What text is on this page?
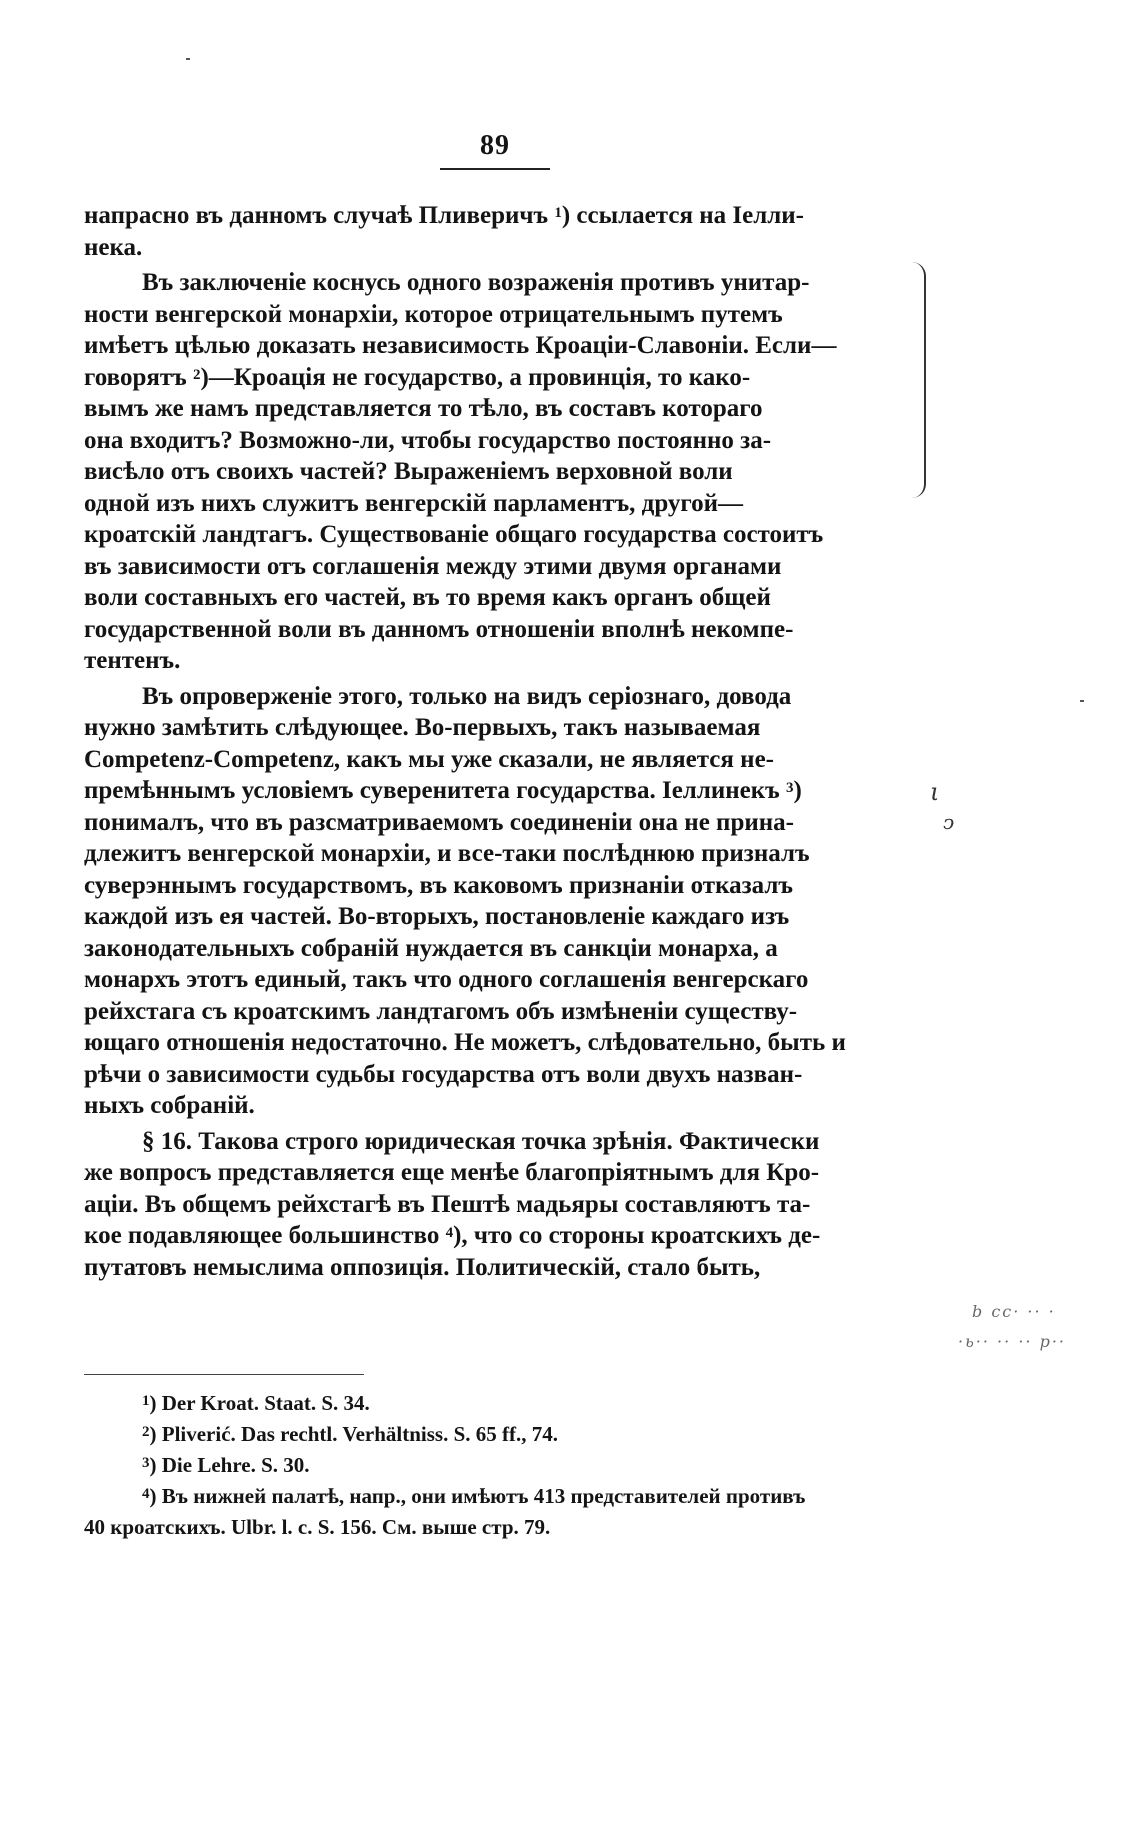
89

напрасно въ данномъ случаѣ Пливеричъ $^1$) ссылается на Іелли-
нека.

Въ заключеніе коснусь одного возраженія противъ унитар-
ности венгерской монархіи, которое отрицательнымъ путемъ
имѣетъ цѣлью доказать независимость Кроаціи-Славоніи. Если—
говорятъ $^2$)—Кроація не государство, а провинція, то како-
вымъ же намъ представляется то тѣло, въ составъ котораго
она входитъ? Возможно-ли, чтобы государство постоянно за-
висѣло отъ своихъ частей? Выраженіемъ верховной воли
одной изъ нихъ служитъ венгерскій парламентъ, другой—
кроатскій ландтагъ. Существованіе общаго государства состоитъ
въ зависимости отъ соглашенія между этими двумя органами
воли составныхъ его частей, въ то время какъ органъ общей
государственной воли въ данномъ отношеніи вполнѣ некомпе-
тентенъ.

Въ опроверженіе этого, только на видъ серіознаго, довода
нужно замѣтить слѣдующее. Во-первыхъ, такъ называемая
Competenz-Competenz, какъ мы уже сказали, не является не-
премѣннымъ условіемъ суверенитета государства. Іеллинекъ $^3$)
понималъ, что въ разсматриваемомъ соединеніи она не прина-
длежитъ венгерской монархіи, и все-таки послѣднюю призналъ
суверэннымъ государствомъ, въ каковомъ признаніи отказалъ
каждой изъ ея частей. Во-вторыхъ, постановленіе каждаго изъ
законодательныхъ собраній нуждается въ санкціи монарха, а
монархъ этотъ единый, такъ что одного соглашенія венгерскаго
рейхстага съ кроатскимъ ландтагомъ объ измѣненіи существу-
ющаго отношенія недостаточно. Не можетъ, слѣдовательно, быть и
рѣчи о зависимости судьбы государства отъ воли двухъ назван-
ныхъ собраній.

§ 16. Такова строго юридическая точка зрѣнія. Фактически
же вопросъ представляется еще менѣе благопріятнымъ для Кро-
аціи. Въ общемъ рейхстагѣ въ Пештѣ мадьяры составляютъ та-
кое подавляющее большинство $^4$), что со стороны кроатскихъ де-
путатовъ немыслима оппозиція. Политическій, стало быть,

ι
ↄ
b cc· ·· ·
·ь·· ·· ·· р··
$^1$) Der Kroat. Staat. S. 34.
$^2$) Pliverić. Das rechtl. Verhältniss. S. 65 ff., 74.
$^3$) Die Lehre. S. 30.
$^4$) Въ нижней палатѣ, напр., они имѣютъ 413 представителей противъ
40 кроатскихъ. Ulbr. l. c. S. 156. См. выше стр. 79.
